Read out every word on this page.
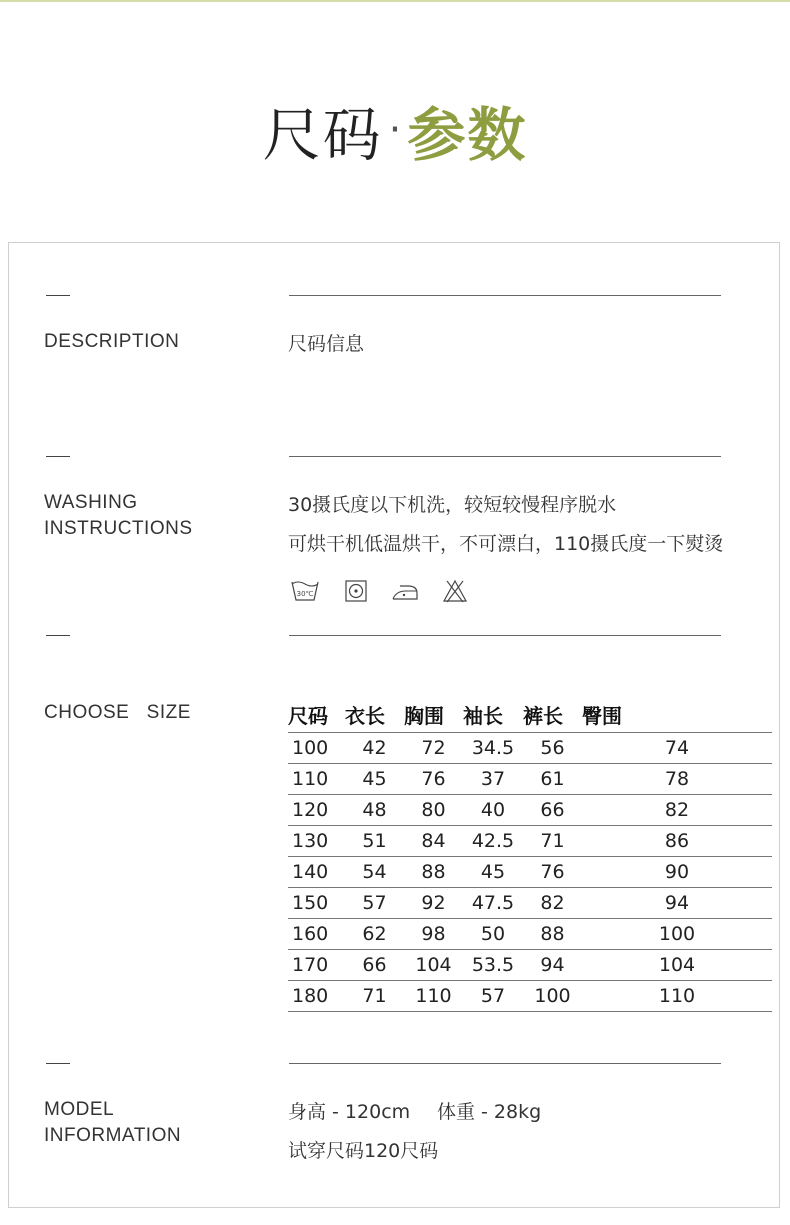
尺码 · 参数
DESCRIPTION	尺码信息
WASHING
INSTRUCTIONS
30摄氏度以下机洗，较短较慢程序脱水
可烘干机低温烘干，不可漂白，110摄氏度一下熨烫
30℃
CHOOSE   SIZE	尺码	衣长	胸围	袖长	裤长	臀围
100	42	72	34.5	56	74
110	45	76	37	61	78
120	48	80	40	66	82
130	51	84	42.5	71	86
140	54	88	45	76	90
150	57	92	47.5	82	94
160	62	98	50	88	100
170	66	104	53.5	94	104
180	71	110	57	100	110
MODEL
INFORMATION
身高 - 120cm 体重 - 28kg
试穿尺码120尺码
